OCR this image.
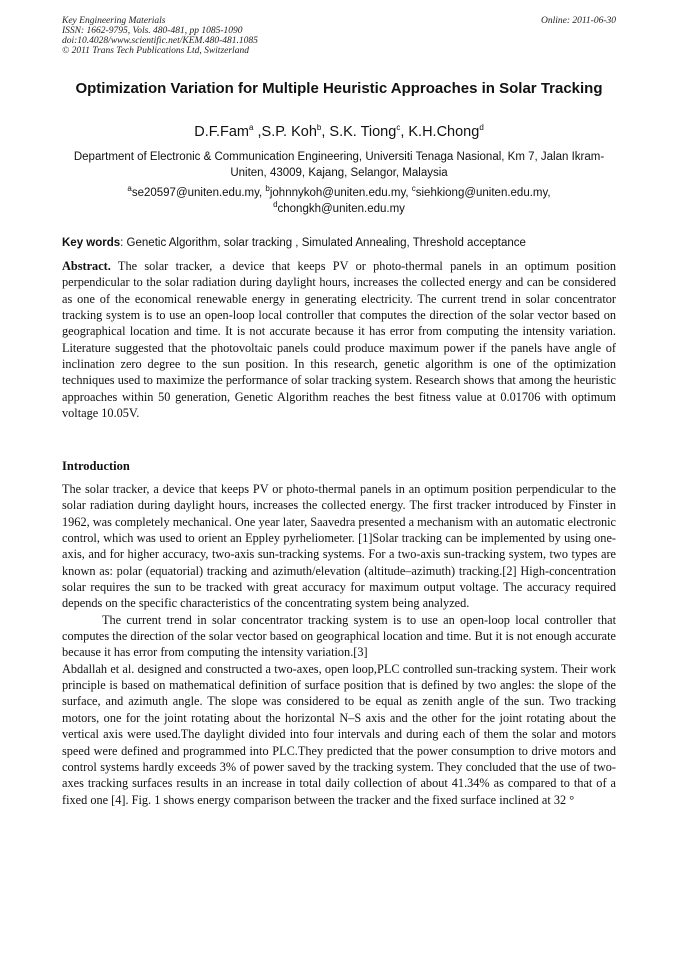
Key Engineering Materials
ISSN: 1662-9795, Vols. 480-481, pp 1085-1090
doi:10.4028/www.scientific.net/KEM.480-481.1085
© 2011 Trans Tech Publications Ltd, Switzerland
Online: 2011-06-30
Optimization Variation for Multiple Heuristic Approaches in Solar Tracking
D.F.Fam$^a$ ,S.P. Koh$^b$, S.K. Tiong$^c$, K.H.Chong$^d$
Department of Electronic & Communication Engineering, Universiti Tenaga Nasional, Km 7, Jalan Ikram-Uniten, 43009, Kajang, Selangor, Malaysia
$^a$se20597@uniten.edu.my, $^b$johnnykoh@uniten.edu.my, $^c$siehkiong@uniten.edu.my,
$^d$chongkh@uniten.edu.my
Key words: Genetic Algorithm, solar tracking , Simulated Annealing, Threshold acceptance
Abstract. The solar tracker, a device that keeps PV or photo-thermal panels in an optimum position perpendicular to the solar radiation during daylight hours, increases the collected energy and can be considered as one of the economical renewable energy in generating electricity. The current trend in solar concentrator tracking system is to use an open-loop local controller that computes the direction of the solar vector based on geographical location and time. It is not accurate because it has error from computing the intensity variation. Literature suggested that the photovoltaic panels could produce maximum power if the panels have angle of inclination zero degree to the sun position. In this research, genetic algorithm is one of the optimization techniques used to maximize the performance of solar tracking system. Research shows that among the heuristic approaches within 50 generation, Genetic Algorithm reaches the best fitness value at 0.01706 with optimum voltage 10.05V.
Introduction

The solar tracker, a device that keeps PV or photo-thermal panels in an optimum position perpendicular to the solar radiation during daylight hours, increases the collected energy. The first tracker introduced by Finster in 1962, was completely mechanical. One year later, Saavedra presented a mechanism with an automatic electronic control, which was used to orient an Eppley pyrheliometer. [1]Solar tracking can be implemented by using one-axis, and for higher accuracy, two-axis sun-tracking systems. For a two-axis sun-tracking system, two types are known as: polar (equatorial) tracking and azimuth/elevation (altitude–azimuth) tracking.[2] High-concentration solar requires the sun to be tracked with great accuracy for maximum output voltage. The accuracy required depends on the specific characteristics of the concentrating system being analyzed.

The current trend in solar concentrator tracking system is to use an open-loop local controller that computes the direction of the solar vector based on geographical location and time. But it is not enough accurate because it has error from computing the intensity variation.[3]

Abdallah et al. designed and constructed a two-axes, open loop,PLC controlled sun-tracking system. Their work principle is based on mathematical definition of surface position that is defined by two angles: the slope of the surface, and azimuth angle. The slope was considered to be equal as zenith angle of the sun. Two tracking motors, one for the joint rotating about the horizontal N–S axis and the other for the joint rotating about the vertical axis were used.The daylight divided into four intervals and during each of them the solar and motors speed were defined and programmed into PLC.They predicted that the power consumption to drive motors and control systems hardly exceeds 3% of power saved by the tracking system. They concluded that the use of two-axes tracking surfaces results in an increase in total daily collection of about 41.34% as compared to that of a fixed one [4]. Fig. 1 shows energy comparison between the tracker and the fixed surface inclined at 32 °
